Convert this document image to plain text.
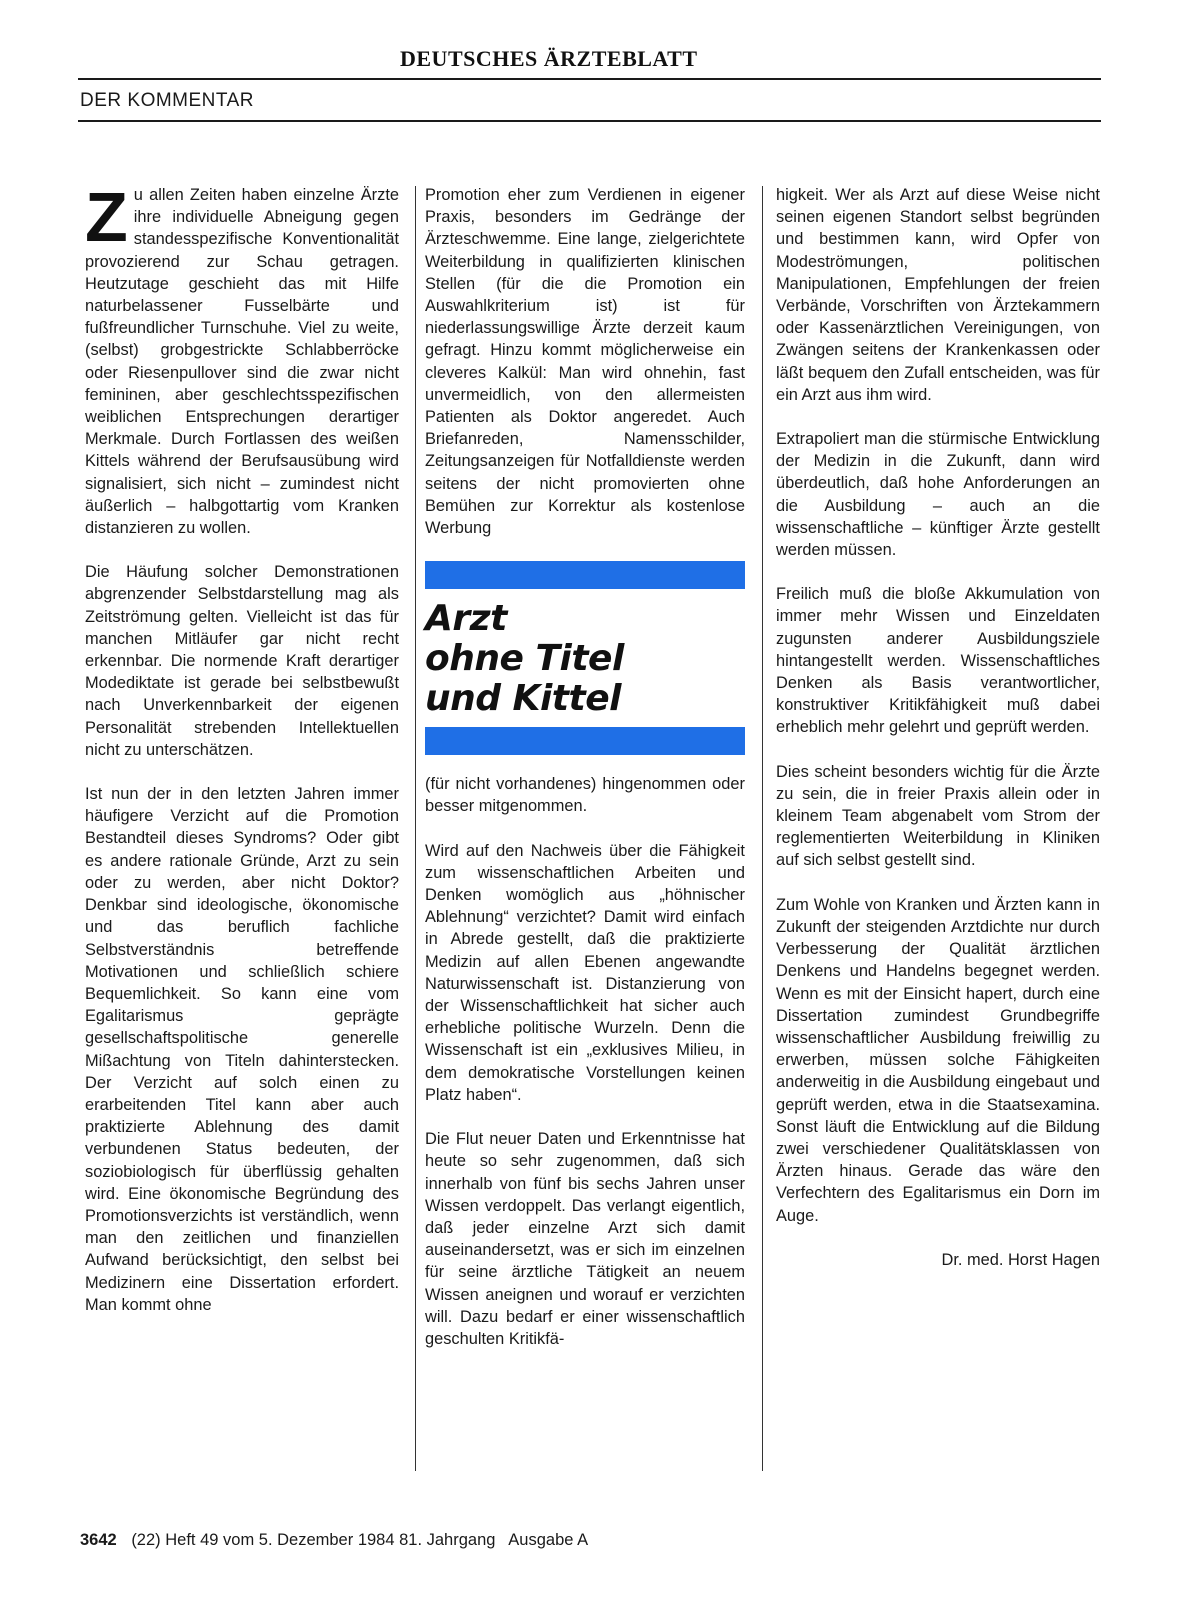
DEUTSCHES ÄRZTEBLATT
DER KOMMENTAR

Z u allen Zeiten haben einzelne Ärzte ihre individuelle Abneigung gegen standesspezifische Konventionalität provozierend zur Schau getragen. Heutzutage geschieht das mit Hilfe naturbelassener Fusselbärte und fußfreundlicher Turnschuhe. Viel zu weite, (selbst) grobgestrickte Schlabberröcke oder Riesenpullover sind die zwar nicht femininen, aber geschlechtsspezifischen weiblichen Entsprechungen derartiger Merkmale. Durch Fortlassen des weißen Kittels während der Berufsausübung wird signalisiert, sich nicht – zumindest nicht äußerlich – halbgottartig vom Kranken distanzieren zu wollen.

Die Häufung solcher Demonstrationen abgrenzender Selbstdarstellung mag als Zeitströmung gelten. Vielleicht ist das für manchen Mitläufer gar nicht recht erkennbar. Die normende Kraft derartiger Modediktate ist gerade bei selbstbewußt nach Unverkennbarkeit der eigenen Personalität strebenden Intellektuellen nicht zu unterschätzen.

Ist nun der in den letzten Jahren immer häufigere Verzicht auf die Promotion Bestandteil dieses Syndroms? Oder gibt es andere rationale Gründe, Arzt zu sein oder zu werden, aber nicht Doktor? Denkbar sind ideologische, ökonomische und das beruflich fachliche Selbstverständnis betreffende Motivationen und schließlich schiere Bequemlichkeit. So kann eine vom Egalitarismus geprägte gesellschaftspolitische generelle Mißachtung von Titeln dahinterstecken. Der Verzicht auf solch einen zu erarbeitenden Titel kann aber auch praktizierte Ablehnung des damit verbundenen Status bedeuten, der soziobiologisch für überflüssig gehalten wird. Eine ökonomische Begründung des Promotionsverzichts ist verständlich, wenn man den zeitlichen und finanziellen Aufwand berücksichtigt, den selbst bei Medizinern eine Dissertation erfordert. Man kommt ohne

Promotion eher zum Verdienen in eigener Praxis, besonders im Gedränge der Ärzteschwemme. Eine lange, zielgerichtete Weiterbildung in qualifizierten klinischen Stellen (für die die Promotion ein Auswahlkriterium ist) ist für niederlassungswillige Ärzte derzeit kaum gefragt. Hinzu kommt möglicherweise ein cleveres Kalkül: Man wird ohnehin, fast unvermeidlich, von den allermeisten Patienten als Doktor angeredet. Auch Briefanreden, Namensschilder, Zeitungsanzeigen für Notfalldienste werden seitens der nicht promovierten ohne Bemühen zur Korrektur als kostenlose Werbung

Arzt
ohne Titel
und Kittel

(für nicht vorhandenes) hingenommen oder besser mitgenommen.

Wird auf den Nachweis über die Fähigkeit zum wissenschaftlichen Arbeiten und Denken womöglich aus „höhnischer Ablehnung“ verzichtet? Damit wird einfach in Abrede gestellt, daß die praktizierte Medizin auf allen Ebenen angewandte Naturwissenschaft ist. Distanzierung von der Wissenschaftlichkeit hat sicher auch erhebliche politische Wurzeln. Denn die Wissenschaft ist ein „exklusives Milieu, in dem demokratische Vorstellungen keinen Platz haben“.

Die Flut neuer Daten und Erkenntnisse hat heute so sehr zugenommen, daß sich innerhalb von fünf bis sechs Jahren unser Wissen verdoppelt. Das verlangt eigentlich, daß jeder einzelne Arzt sich damit auseinandersetzt, was er sich im einzelnen für seine ärztliche Tätigkeit an neuem Wissen aneignen und worauf er verzichten will. Dazu bedarf er einer wissenschaftlich geschulten Kritikfä-

higkeit. Wer als Arzt auf diese Weise nicht seinen eigenen Standort selbst begründen und bestimmen kann, wird Opfer von Modeströmungen, politischen Manipulationen, Empfehlungen der freien Verbände, Vorschriften von Ärztekammern oder Kassenärztlichen Vereinigungen, von Zwängen seitens der Krankenkassen oder läßt bequem den Zufall entscheiden, was für ein Arzt aus ihm wird.

Extrapoliert man die stürmische Entwicklung der Medizin in die Zukunft, dann wird überdeutlich, daß hohe Anforderungen an die Ausbildung – auch an die wissenschaftliche – künftiger Ärzte gestellt werden müssen.

Freilich muß die bloße Akkumulation von immer mehr Wissen und Einzeldaten zugunsten anderer Ausbildungsziele hintangestellt werden. Wissenschaftliches Denken als Basis verantwortlicher, konstruktiver Kritikfähigkeit muß dabei erheblich mehr gelehrt und geprüft werden.

Dies scheint besonders wichtig für die Ärzte zu sein, die in freier Praxis allein oder in kleinem Team abgenabelt vom Strom der reglementierten Weiterbildung in Kliniken auf sich selbst gestellt sind.

Zum Wohle von Kranken und Ärzten kann in Zukunft der steigenden Arztdichte nur durch Verbesserung der Qualität ärztlichen Denkens und Handelns begegnet werden. Wenn es mit der Einsicht hapert, durch eine Dissertation zumindest Grundbegriffe wissenschaftlicher Ausbildung freiwillig zu erwerben, müssen solche Fähigkeiten anderweitig in die Ausbildung eingebaut und geprüft werden, etwa in die Staatsexamina. Sonst läuft die Entwicklung auf die Bildung zwei verschiedener Qualitätsklassen von Ärzten hinaus. Gerade das wäre den Verfechtern des Egalitarismus ein Dorn im Auge.

Dr. med. Horst Hagen

3642 (22) Heft 49 vom 5. Dezember 1984 81. Jahrgang Ausgabe A
